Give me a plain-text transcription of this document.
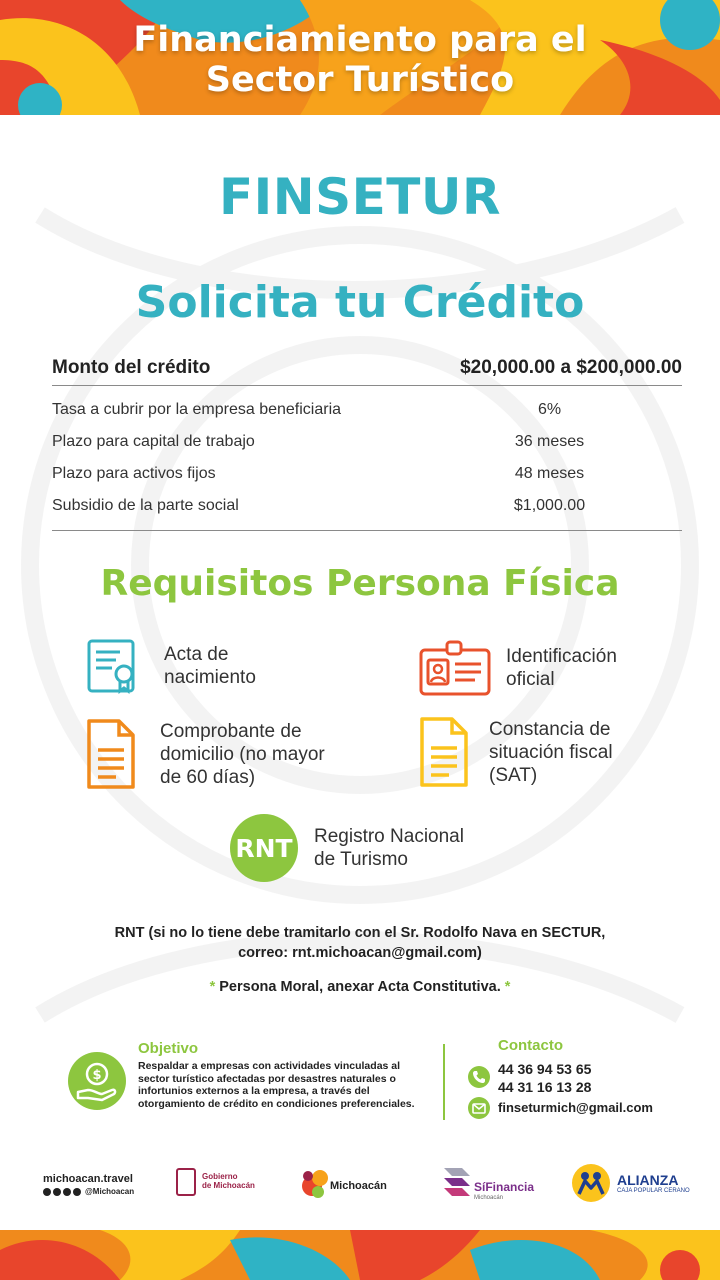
Financiamiento para el
Sector Turístico
FINSETUR
Solicita tu Crédito
Monto del crédito	$20,000.00 a $200,000.00
Tasa a cubrir por la empresa beneficiaria	6%
Plazo para capital de trabajo	36 meses
Plazo para activos fijos	48 meses
Subsidio de la parte social	$1,000.00
Requisitos Persona Física
Acta de
nacimiento
Identificación
oficial
Comprobante de
domicilio (no mayor
de 60 días)
Constancia de
situación fiscal
(SAT)
RNT Registro Nacional
de Turismo
RNT (si no lo tiene debe tramitarlo con el Sr. Rodolfo Nava en SECTUR,
correo: rnt.michoacan@gmail.com)
* Persona Moral, anexar Acta Constitutiva. *
$
Objetivo
Respaldar a empresas con actividades vinculadas al sector turístico afectadas por desastres naturales o infortunios externos a la empresa, a través del otorgamiento de crédito en condiciones preferenciales.
Contacto
44 36 94 53 65
44 31 16 13 28
finseturmich@gmail.com
michoacan.travel
@Michoacan
Gobierno
de Michoacán	Michoacán	SíFinancia
Michoacán
ALIANZA
CAJA POPULAR CERANO
